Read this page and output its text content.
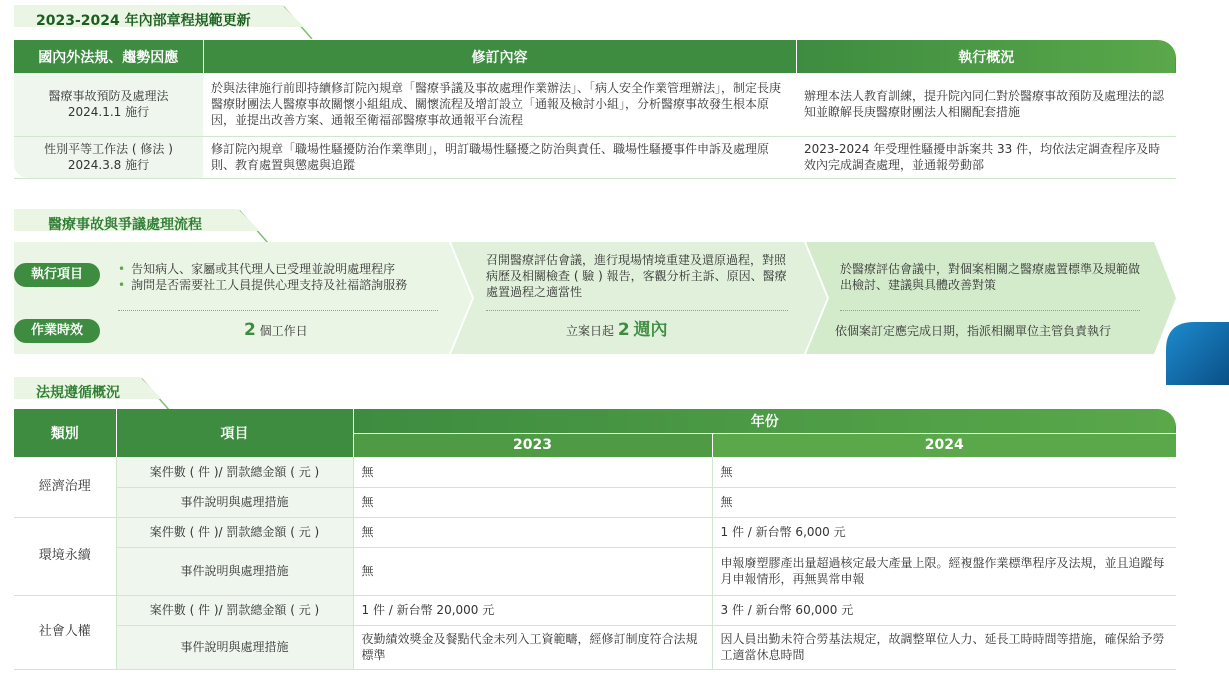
2023-2024 年內部章程規範更新
國內外法規、趨勢因應	修訂內容	執行概況

醫療事故預防及處理法
2024.1.1 施行	於與法律施行前即持續修訂院內規章「醫療爭議及事故處理作業辦法」、「病人安全作業管理辦法」，制定長庚醫療財團法人醫療事故關懷小組組成、關懷流程及增訂設立「通報及檢討小組」，分析醫療事故發生根本原因，並提出改善方案、通報至衛福部醫療事故通報平台流程	辦理本法人教育訓練，提升院內同仁對於醫療事故預防及處理法的認知並瞭解長庚醫療財團法人相關配套措施

性別平等工作法 ( 修法 )
2024.3.8 施行	修訂院內規章「職場性騷擾防治作業準則」，明訂職場性騷擾之防治與責任、職場性騷擾事件申訴及處理原則、教育處置與懲處與追蹤	2023-2024 年受理性騷擾申訴案共 33 件，均依法定調查程序及時效內完成調查處理，並通報勞動部
醫療事故與爭議處理流程
執行項目
作業時效
• 告知病人、家屬或其代理人已受理並說明處理程序
• 詢問是否需要社工人員提供心理支持及社福諮詢服務
召開醫療評估會議，進行現場情境重建及還原過程，對照病歷及相關檢查 ( 驗 ) 報告，客觀分析主訴、原因、醫療處置過程之適當性
於醫療評估會議中，對個案相關之醫療處置標準及規範做出檢討、建議與具體改善對策
2 個工作日	立案日起 2 週內	依個案訂定應完成日期，指派相關單位主管負責執行
法規遵循概況
類別	項目	年份	
		2023	2024
經濟治理	案件數 ( 件 )/ 罰款總金額 ( 元 )	無	無
	事件說明與處理措施	無	無
環境永續	案件數 ( 件 )/ 罰款總金額 ( 元 )	無	1 件 / 新台幣 6,000 元
	事件說明與處理措施	無	申報廢塑膠產出量超過核定最大產量上限。經複盤作業標準程序及法規，並且追蹤每月申報情形，再無異常申報
社會人權	案件數 ( 件 )/ 罰款總金額 ( 元 )	1 件 / 新台幣 20,000 元	3 件 / 新台幣 60,000 元
	事件說明與處理措施	夜勤績效獎金及餐點代金未列入工資範疇，經修訂制度符合法規標準	因人員出勤未符合勞基法規定，故調整單位人力、延長工時時間等措施，確保給予勞工適當休息時間
